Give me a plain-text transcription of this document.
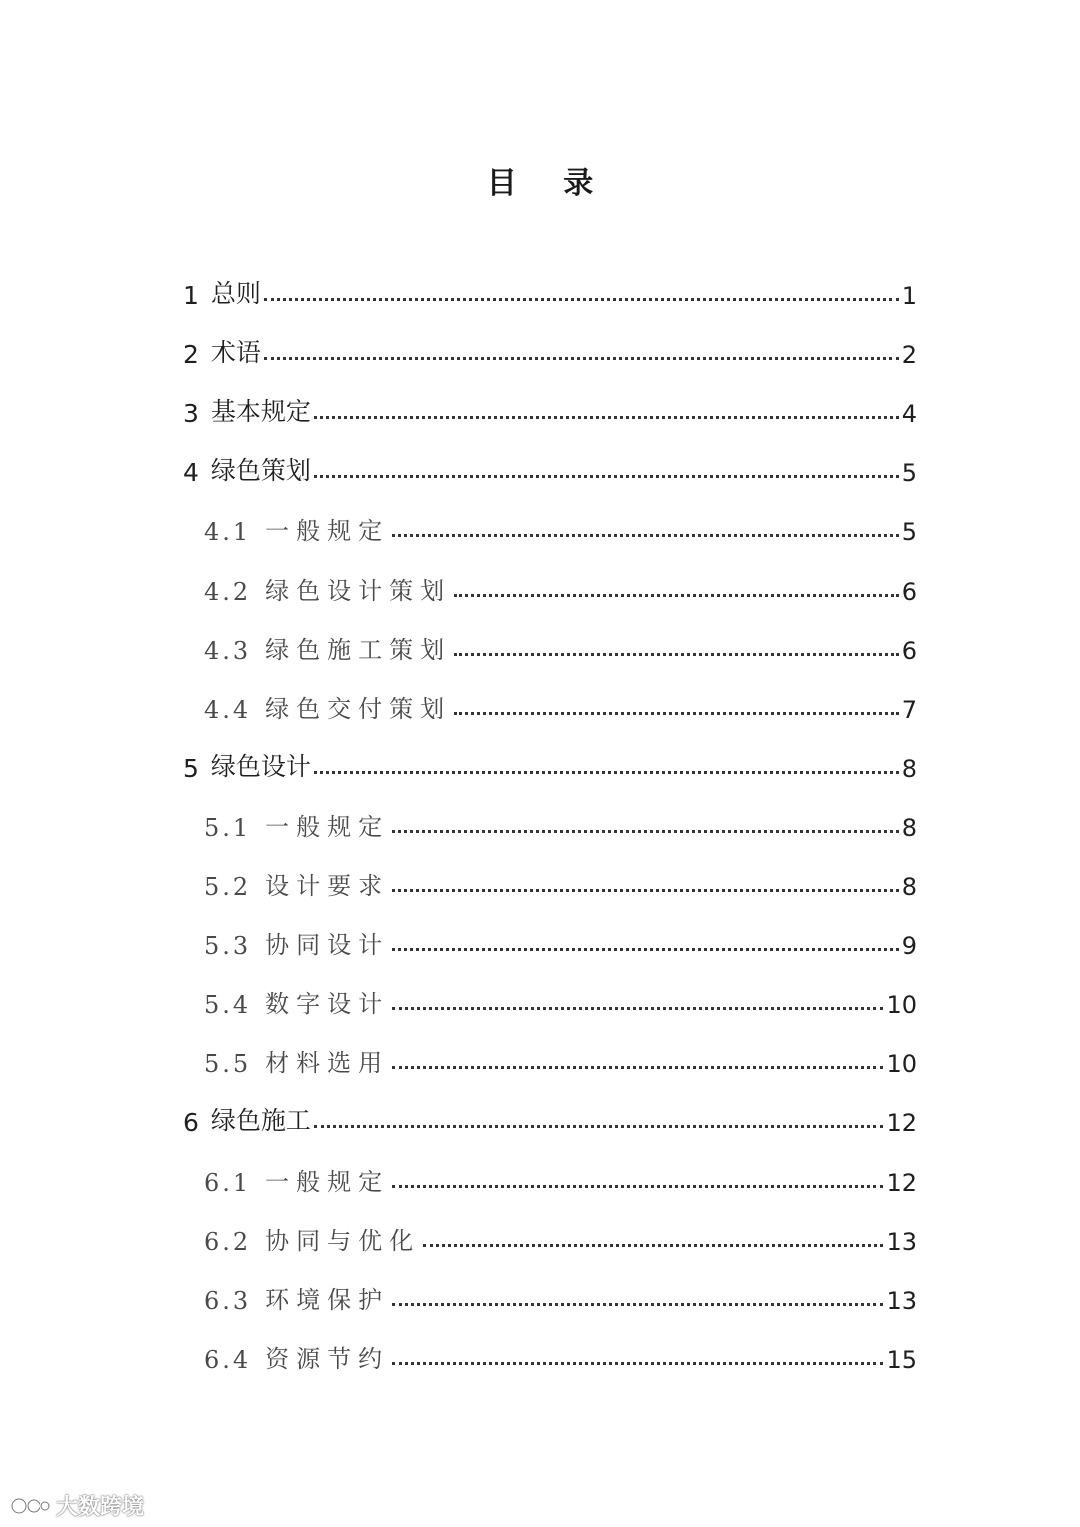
目 录
1 总则	1
2 术语	2
3 基本规定	4
4 绿色策划	5
4.1 一般规定	5
4.2 绿色设计策划	6
4.3 绿色施工策划	6
4.4 绿色交付策划	7
5 绿色设计	8
5.1 一般规定	8
5.2 设计要求	8
5.3 协同设计	9
5.4 数字设计	10
5.5 材料选用	10
6 绿色施工	12
6.1 一般规定	12
6.2 协同与优化	13
6.3 环境保护	13
6.4 资源节约	15
大数跨境
